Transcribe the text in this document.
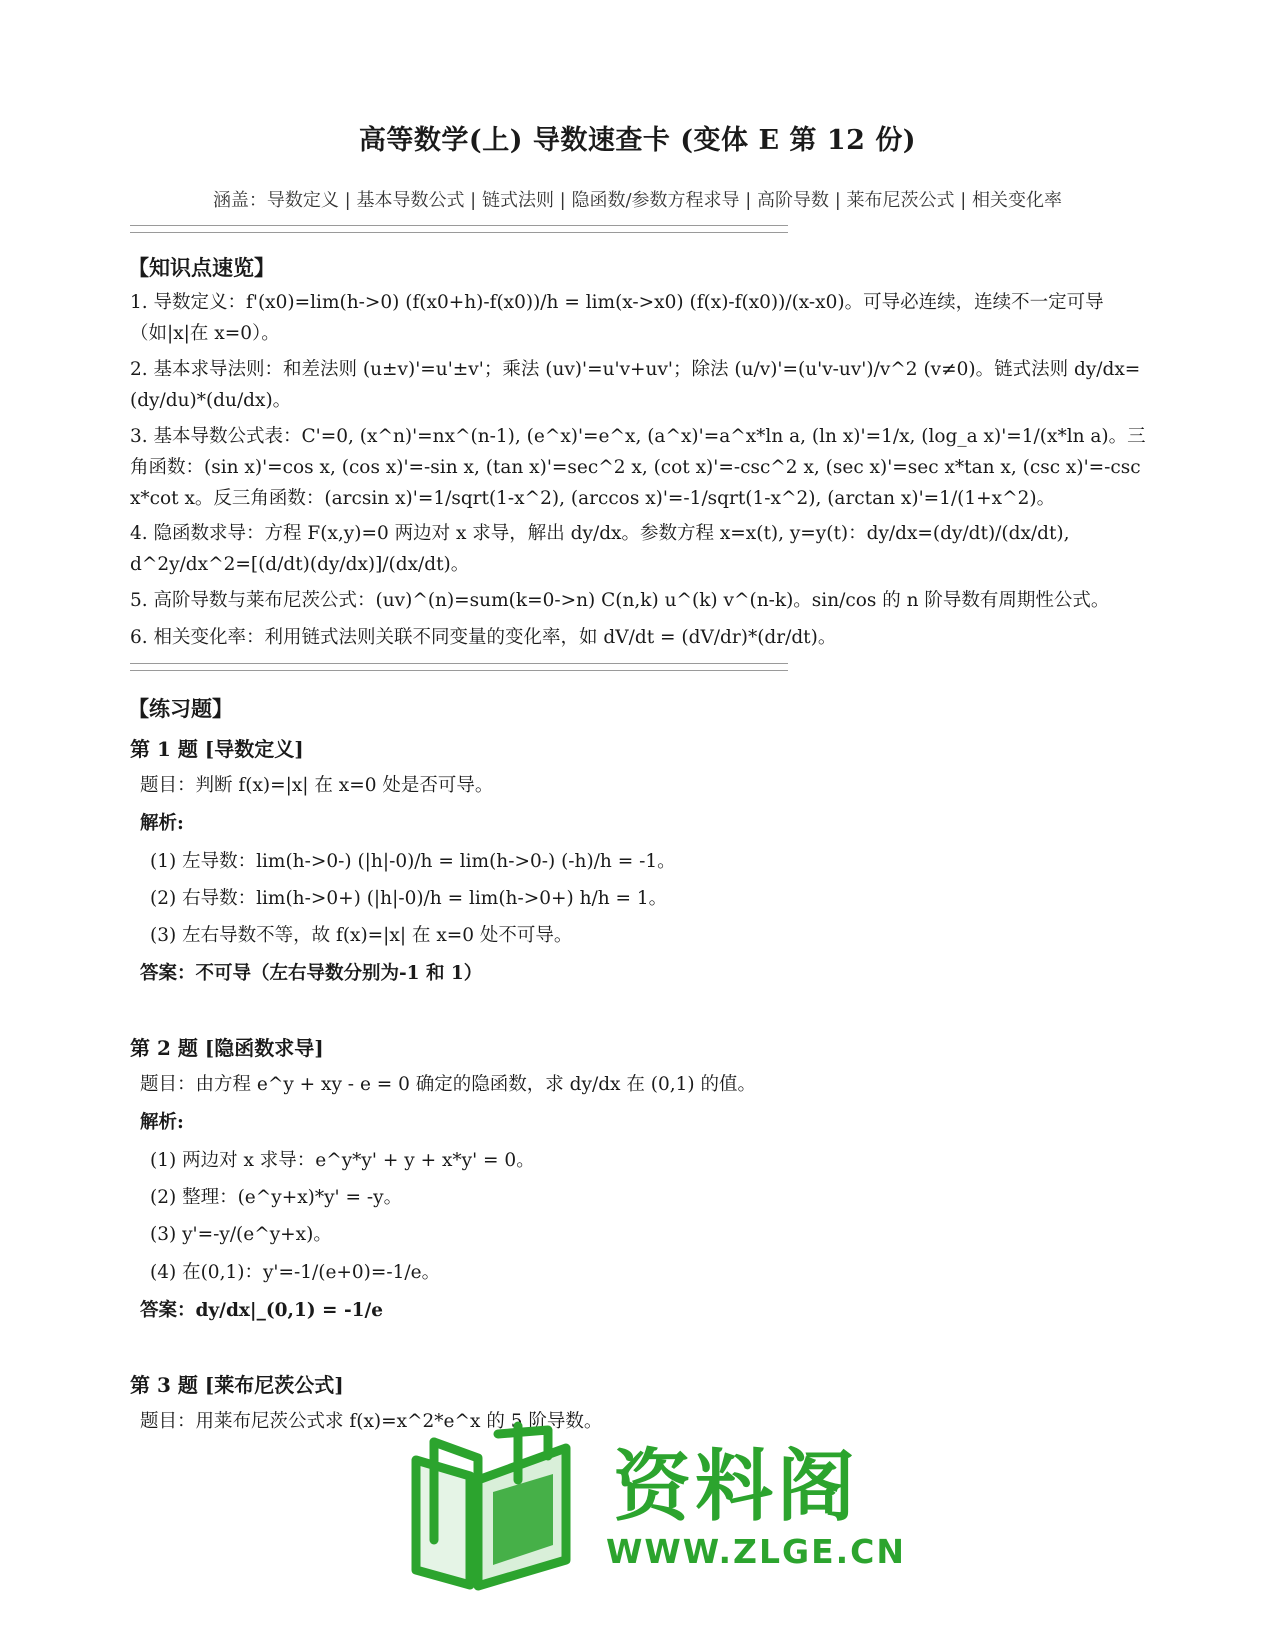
高等数学(上) 导数速查卡 (变体 E 第 12 份)
涵盖：导数定义 | 基本导数公式 | 链式法则 | 隐函数/参数方程求导 | 高阶导数 | 莱布尼茨公式 | 相关变化率
【知识点速览】
1. 导数定义：f'(x0)=lim(h->0) (f(x0+h)-f(x0))/h = lim(x->x0) (f(x)-f(x0))/(x-x0)。可导必连续，连续不一定可导（如|x|在 x=0）。
2. 基本求导法则：和差法则 (u±v)'=u'±v'；乘法 (uv)'=u'v+uv'；除法 (u/v)'=(u'v-uv')/v^2 (v≠0)。链式法则 dy/dx=(dy/du)*(du/dx)。
3. 基本导数公式表：C'=0, (x^n)'=nx^(n-1), (e^x)'=e^x, (a^x)'=a^x*ln a, (ln x)'=1/x, (log_a x)'=1/(x*ln a)。三角函数：(sin x)'=cos x, (cos x)'=-sin x, (tan x)'=sec^2 x, (cot x)'=-csc^2 x, (sec x)'=sec x*tan x, (csc x)'=-csc x*cot x。反三角函数：(arcsin x)'=1/sqrt(1-x^2), (arccos x)'=-1/sqrt(1-x^2), (arctan x)'=1/(1+x^2)。
4. 隐函数求导：方程 F(x,y)=0 两边对 x 求导，解出 dy/dx。参数方程 x=x(t), y=y(t)：dy/dx=(dy/dt)/(dx/dt), d^2y/dx^2=[(d/dt)(dy/dx)]/(dx/dt)。
5. 高阶导数与莱布尼茨公式：(uv)^(n)=sum(k=0->n) C(n,k) u^(k) v^(n-k)。sin/cos 的 n 阶导数有周期性公式。
6. 相关变化率：利用链式法则关联不同变量的变化率，如 dV/dt = (dV/dr)*(dr/dt)。
【练习题】
第 1 题 [导数定义]
题目：判断 f(x)=|x| 在 x=0 处是否可导。
解析:
(1) 左导数：lim(h->0-) (|h|-0)/h = lim(h->0-) (-h)/h = -1。
(2) 右导数：lim(h->0+) (|h|-0)/h = lim(h->0+) h/h = 1。
(3) 左右导数不等，故 f(x)=|x| 在 x=0 处不可导。
答案：不可导（左右导数分别为-1 和 1）
第 2 题 [隐函数求导]
题目：由方程 e^y + xy - e = 0 确定的隐函数，求 dy/dx 在 (0,1) 的值。
解析:
(1) 两边对 x 求导：e^y*y' + y + x*y' = 0。
(2) 整理：(e^y+x)*y' = -y。
(3) y'=-y/(e^y+x)。
(4) 在(0,1)：y'=-1/(e+0)=-1/e。
答案：dy/dx|_(0,1) = -1/e
第 3 题 [莱布尼茨公式]
题目：用莱布尼茨公式求 f(x)=x^2*e^x 的 5 阶导数。
资料阁
WWW.ZLGE.CN
